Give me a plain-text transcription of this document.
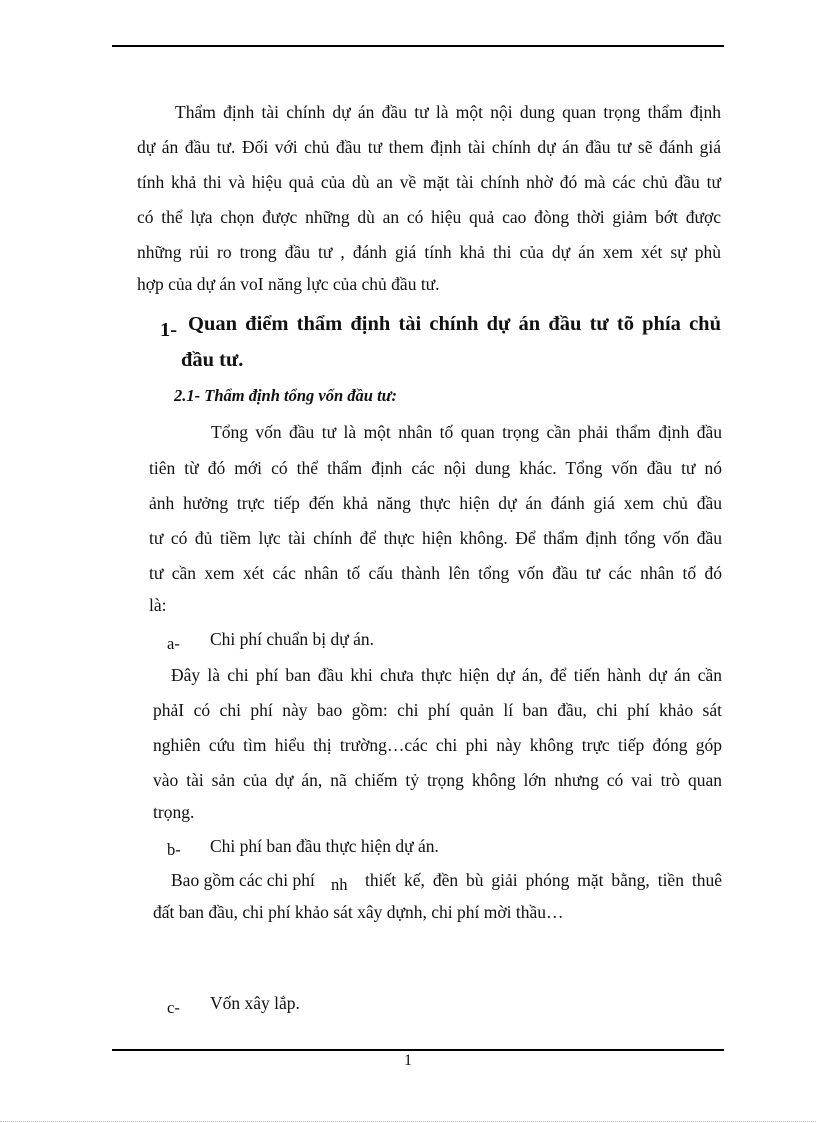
Thẩm định tài chính dự án đầu tư là một nội dung quan trọng thẩm định
dự án đầu tư. Đối với chủ đầu tư them định tài chính dự án đầu tư sẽ đánh giá
tính khả thi và hiệu quả của dù an về mặt tài chính nhờ đó mà các chủ đầu tư
có thể lựa chọn được những dù an có hiệu quả cao đòng thời giảm bớt được
những rủi ro trong đầu tư , đánh giá tính khả thi của dự án xem xét sự phù
hợp của dự án voI năng lực của chủ đầu tư.
1- Quan điểm thẩm định tài chính dự án đầu tư tõ phía chủ
đầu tư.
2.1- Thẩm định tổng vốn đầu tư:
Tổng vốn đầu tư là một nhân tố quan trọng cần phải thẩm định đầu
tiên từ đó mới có thể thẩm định các nội dung khác. Tổng vốn đầu tư nó
ảnh hưởng trực tiếp đến khả năng thực hiện dự án đánh giá xem chủ đầu
tư có đủ tiềm lực tài chính để thực hiện không. Để thẩm định tổng vốn đầu
tư cần xem xét các nhân tố cấu thành lên tổng vốn đầu tư các nhân tố đó
là:
a- Chi phí chuẩn bị dự án.
Đây là chi phí ban đầu khi chưa thực hiện dự án, để tiến hành dự án cần
phảI có chi phí này bao gồm: chi phí quản lí ban đầu, chi phí khảo sát
nghiên cứu tìm hiểu thị trường…các chi phi này không trực tiếp đóng góp
vào tài sản của dự án, nã chiếm tỷ trọng không lớn nhưng có vai trò quan
trọng.
b- Chi phí ban đầu thực hiện dự án.
Bao gồm các chi phí nh thiết kế, đền bù giải phóng mặt bằng, tiền thuê
đất ban đầu, chi phí khảo sát xây dựnh, chi phí mời thầu…
c- Vốn xây lắp.
1
